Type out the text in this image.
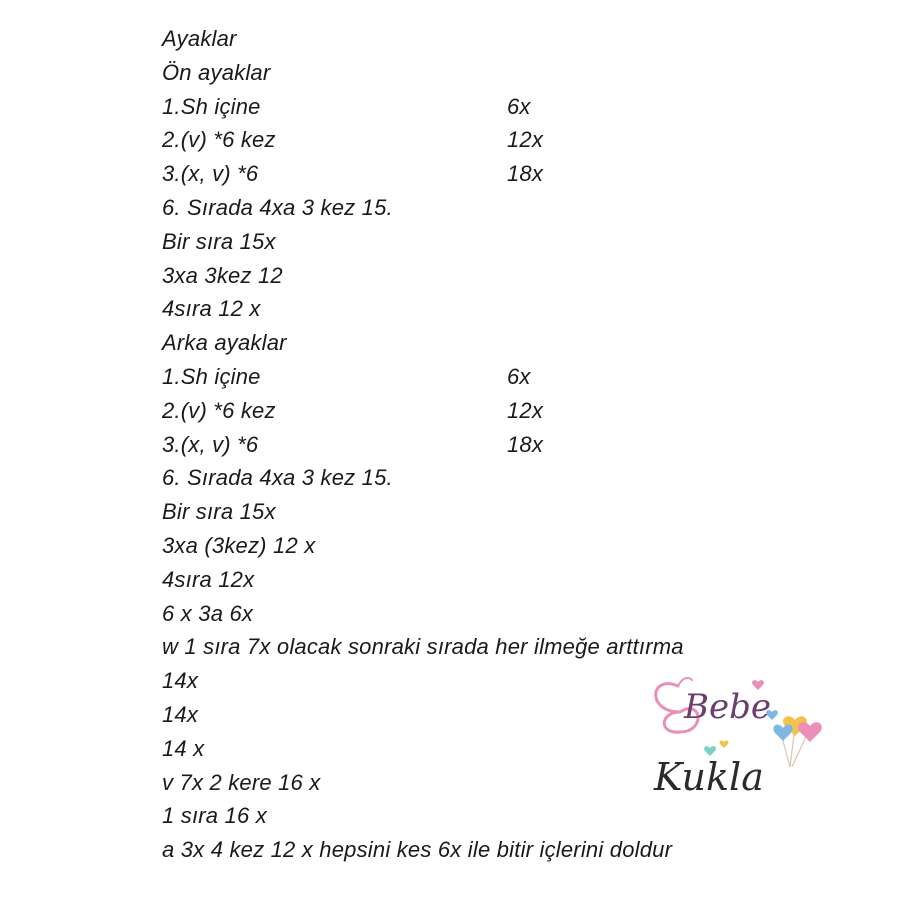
Ayaklar
Ön ayaklar
1.Sh içine	6x
2.(v) *6 kez	12x
3.(x, v) *6	18x
6. Sırada 4xa 3 kez 15.
Bir sıra 15x
3xa 3kez 12
4sıra 12 x
Arka ayaklar
1.Sh içine	6x
2.(v) *6 kez	12x
3.(x, v) *6	18x
6. Sırada 4xa 3 kez 15.
Bir sıra 15x
3xa (3kez) 12 x
4sıra 12x
6 x 3a 6x
w 1 sıra 7x olacak sonraki sırada her ilmeğe arttırma
14x
14x
14 x
v 7x 2 kere 16 x
1 sıra 16 x
a 3x 4 kez 12 x hepsini kes 6x ile bitir içlerini doldur
Bebe
Kukla
